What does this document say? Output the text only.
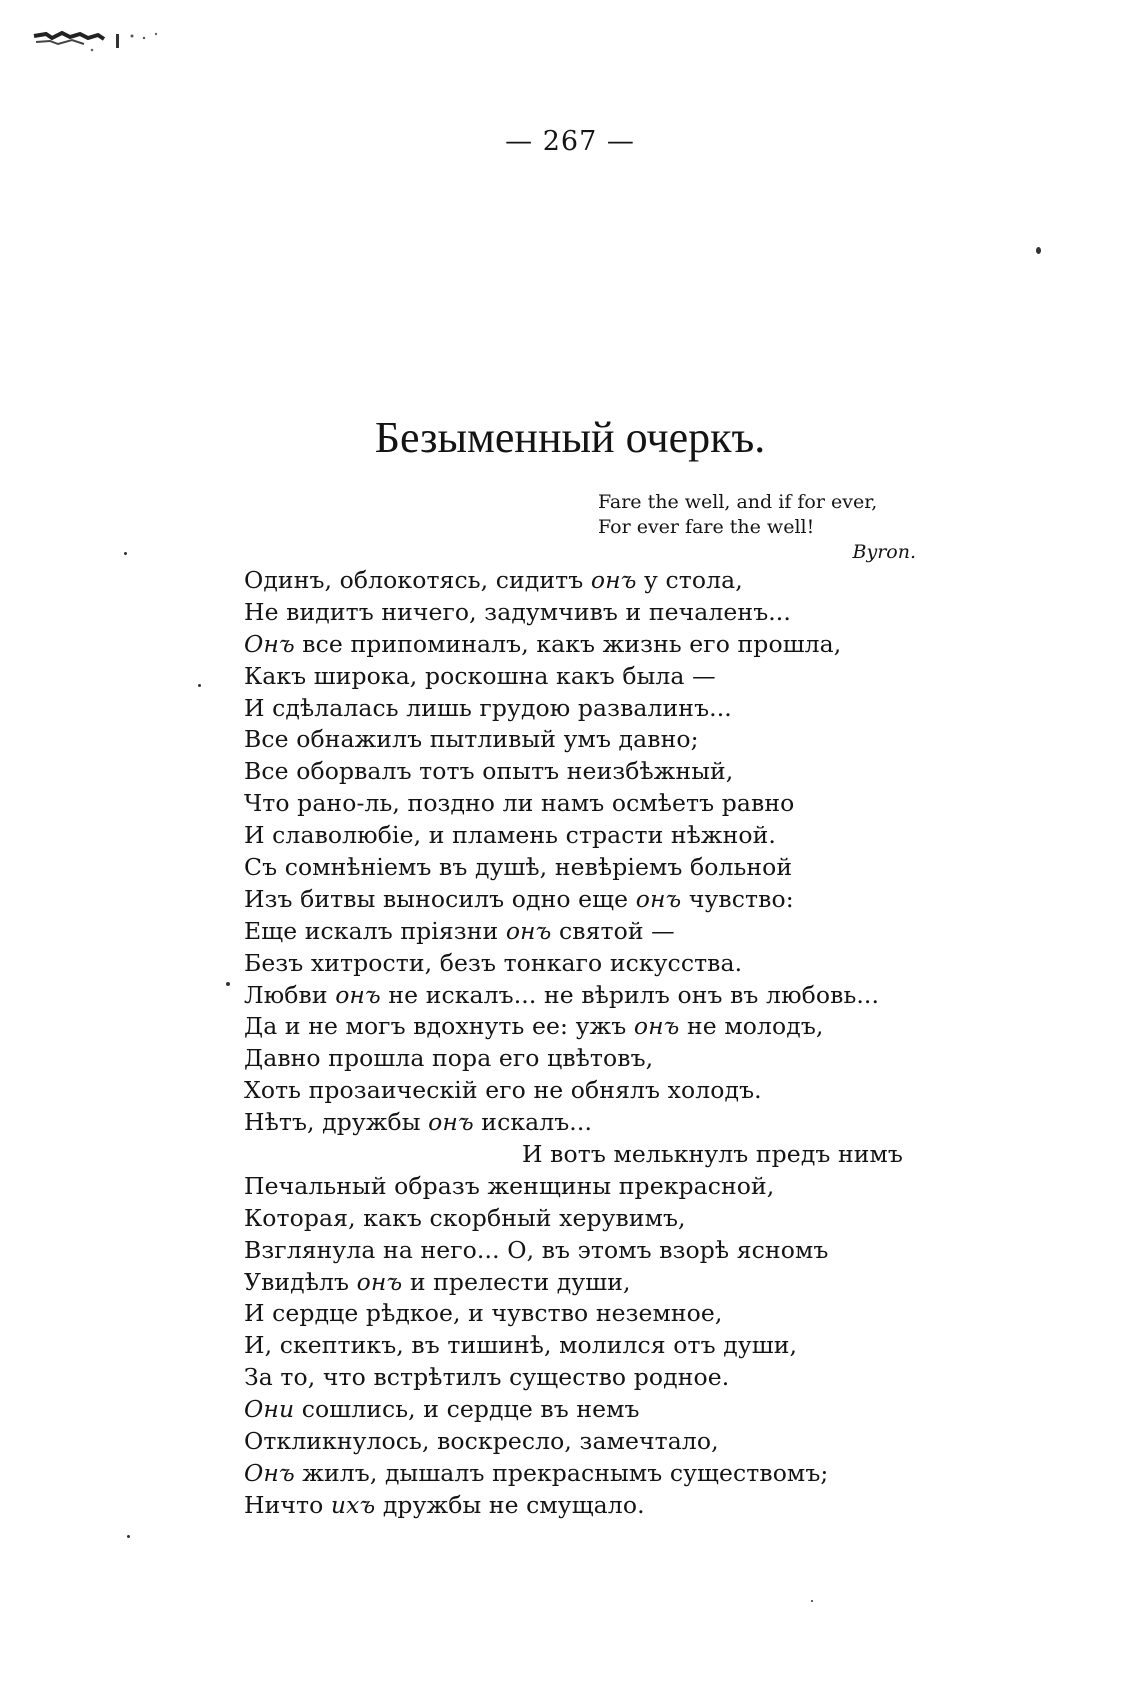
— 267 —
Безыменный очеркъ.
Fare the well, and if for ever,
For ever fare the well!
Byron.
Одинъ, облокотясь, сидитъ онъ у стола,
Не видитъ ничего, задумчивъ и печаленъ...
Онъ все припоминалъ, какъ жизнь его прошла,
Какъ широка, роскошна какъ была —
И сдѣлалась лишь грудою развалинъ...
Все обнажилъ пытливый умъ давно;
Все оборвалъ тотъ опытъ неизбѣжный,
Что рано-ль, поздно ли намъ осмѣетъ равно
И славолюбіе, и пламень страсти нѣжной.
Съ сомнѣніемъ въ душѣ, невѣріемъ больной
Изъ битвы выносилъ одно еще онъ чувство:
Еще искалъ пріязни онъ святой —
Безъ хитрости, безъ тонкаго искусства.
Любви онъ не искалъ... не вѣрилъ онъ въ любовь...
Да и не могъ вдохнуть ее: ужъ онъ не молодъ,
Давно прошла пора его цвѣтовъ,
Хоть прозаическій его не обнялъ холодъ.
Нѣтъ, дружбы онъ искалъ...
И вотъ мелькнулъ предъ нимъ
Печальный образъ женщины прекрасной,
Которая, какъ скорбный херувимъ,
Взглянула на него... О, въ этомъ взорѣ ясномъ
Увидѣлъ онъ и прелести души,
И сердце рѣдкое, и чувство неземное,
И, скептикъ, въ тишинѣ, молился отъ души,
За то, что встрѣтилъ существо родное.
Они сошлись, и сердце въ немъ
Откликнулось, воскресло, замечтало,
Онъ жилъ, дышалъ прекраснымъ существомъ;
Ничто ихъ дружбы не смущало.
